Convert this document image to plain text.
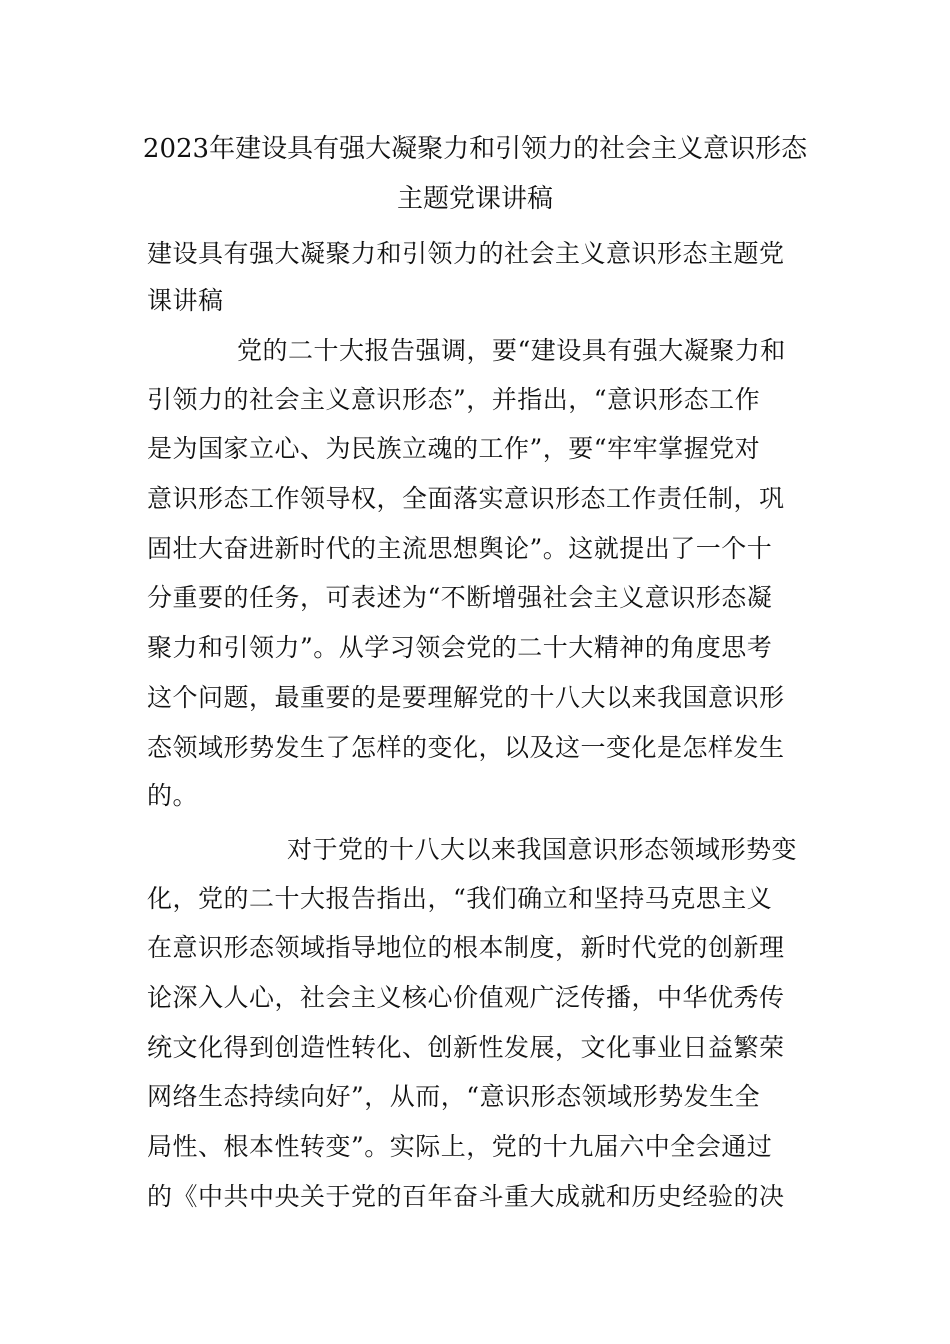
2023年建设具有强大凝聚力和引领力的社会主义意识形态
主题党课讲稿
建设具有强大凝聚力和引领力的社会主义意识形态主题党
课讲稿
党的二十大报告强调，要“建设具有强大凝聚力和
引领力的社会主义意识形态”，并指出，“意识形态工作
是为国家立心、为民族立魂的工作”，要“牢牢掌握党对
意识形态工作领导权，全面落实意识形态工作责任制，巩
固壮大奋进新时代的主流思想舆论”。这就提出了一个十
分重要的任务，可表述为“不断增强社会主义意识形态凝
聚力和引领力”。从学习领会党的二十大精神的角度思考
这个问题，最重要的是要理解党的十八大以来我国意识形
态领域形势发生了怎样的变化，以及这一变化是怎样发生
的。
对于党的十八大以来我国意识形态领域形势变
化，党的二十大报告指出，“我们确立和坚持马克思主义
在意识形态领域指导地位的根本制度，新时代党的创新理
论深入人心，社会主义核心价值观广泛传播，中华优秀传
统文化得到创造性转化、创新性发展，文化事业日益繁荣
网络生态持续向好”，从而，“意识形态领域形势发生全
局性、根本性转变”。实际上，党的十九届六中全会通过
的《中共中央关于党的百年奋斗重大成就和历史经验的决
